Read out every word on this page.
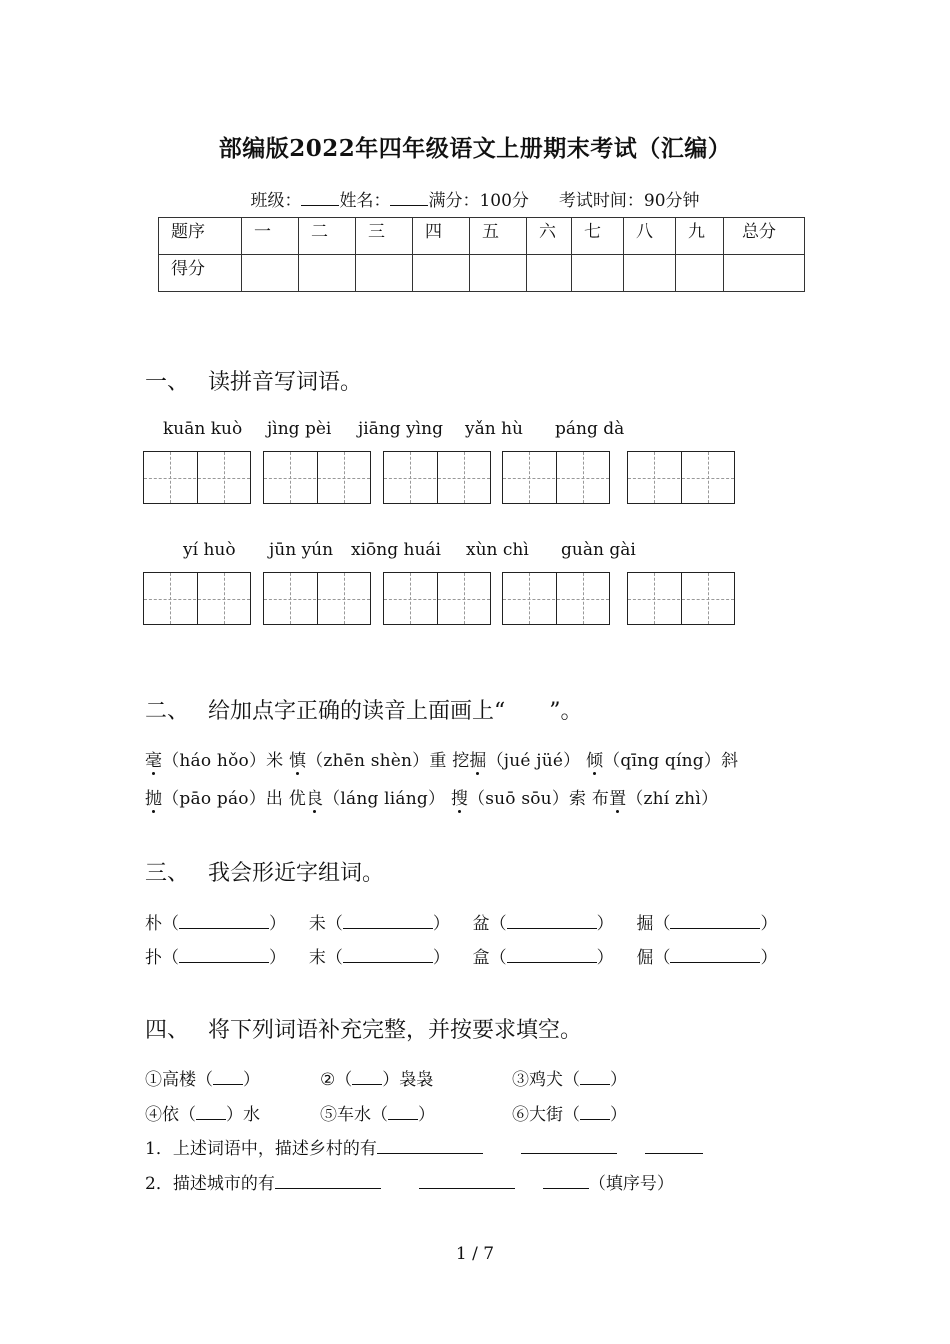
部编版2022年四年级语文上册期末考试（汇编）
班级： 姓名： 满分：100分 考试时间：90分钟
题序	一	二	三	四	五	六	七	八	九	总分
得分										
一、 读拼音写词语。
kuān kuò jìng pèi jiāng yìng yǎn hù páng dà
yí huò jūn yún xiōng huái xùn chì guàn gài
二、 给加点字正确的读音上面画上“　　”。
毫（háo hǒo）米 慎（zhēn shèn）重 挖掘（jué jüé） 倾（qīng qíng）斜
抛（pāo páo）出 优良（láng liáng） 搜（suō sōu）索 布置（zhí zhì）
三、 我会形近字组词。
朴（	） 未（	） 盆（	） 掘（	）
扑（	） 末（	） 盒（	） 倔（	）
四、 将下列词语补充完整，并按要求填空。
①高楼（ ）	②（ ）袅袅	③鸡犬（ ）
④依（ ）水	⑤车水（ ）	⑥大街（ ）
1．上述词语中，描述乡村的有
2．描述城市的有	（填序号）
1 / 7
